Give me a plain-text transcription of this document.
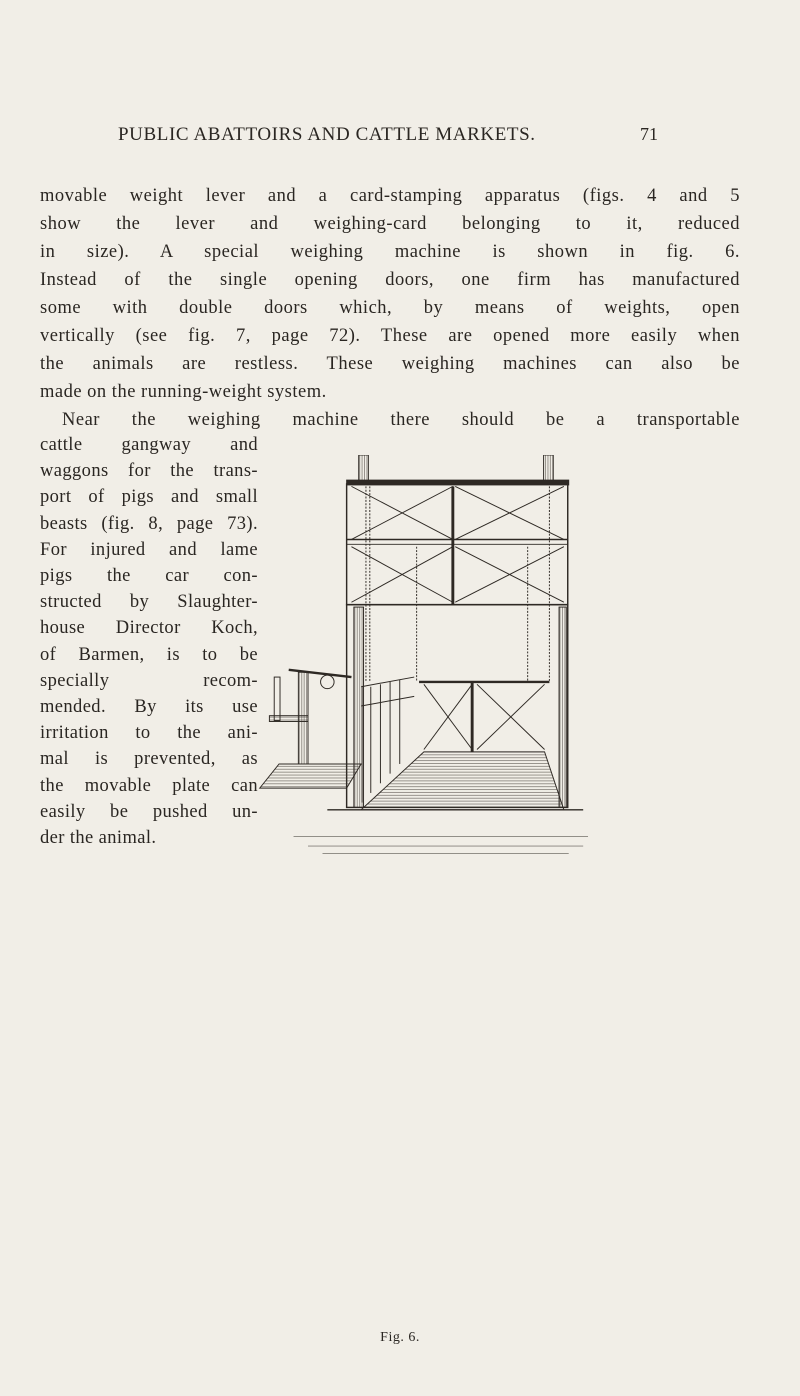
PUBLIC ABATTOIRS AND CATTLE MARKETS.	71
movable weight lever and a card-stamping apparatus (figs. 4 and 5
show the lever and weighing-card belonging to it, reduced
in size). A special weighing machine is shown in fig. 6.
Instead of the single opening doors, one firm has manufactured
some with double doors which, by means of weights, open
vertically (see fig. 7, page 72). These are opened more easily when
the animals are restless. These weighing machines can also be
made on the running-weight system.
Near the weighing machine there should be a transportable
cattle gangway and
waggons for the trans-
port of pigs and small
beasts (fig. 8, page 73).
For injured and lame
pigs the car con-
structed by Slaughter-
house Director Koch,
of Barmen, is to be
specially recom-
mended. By its use
irritation to the ani-
mal is prevented, as
the movable plate can
easily be pushed un-
der the animal.
Fig. 6.
